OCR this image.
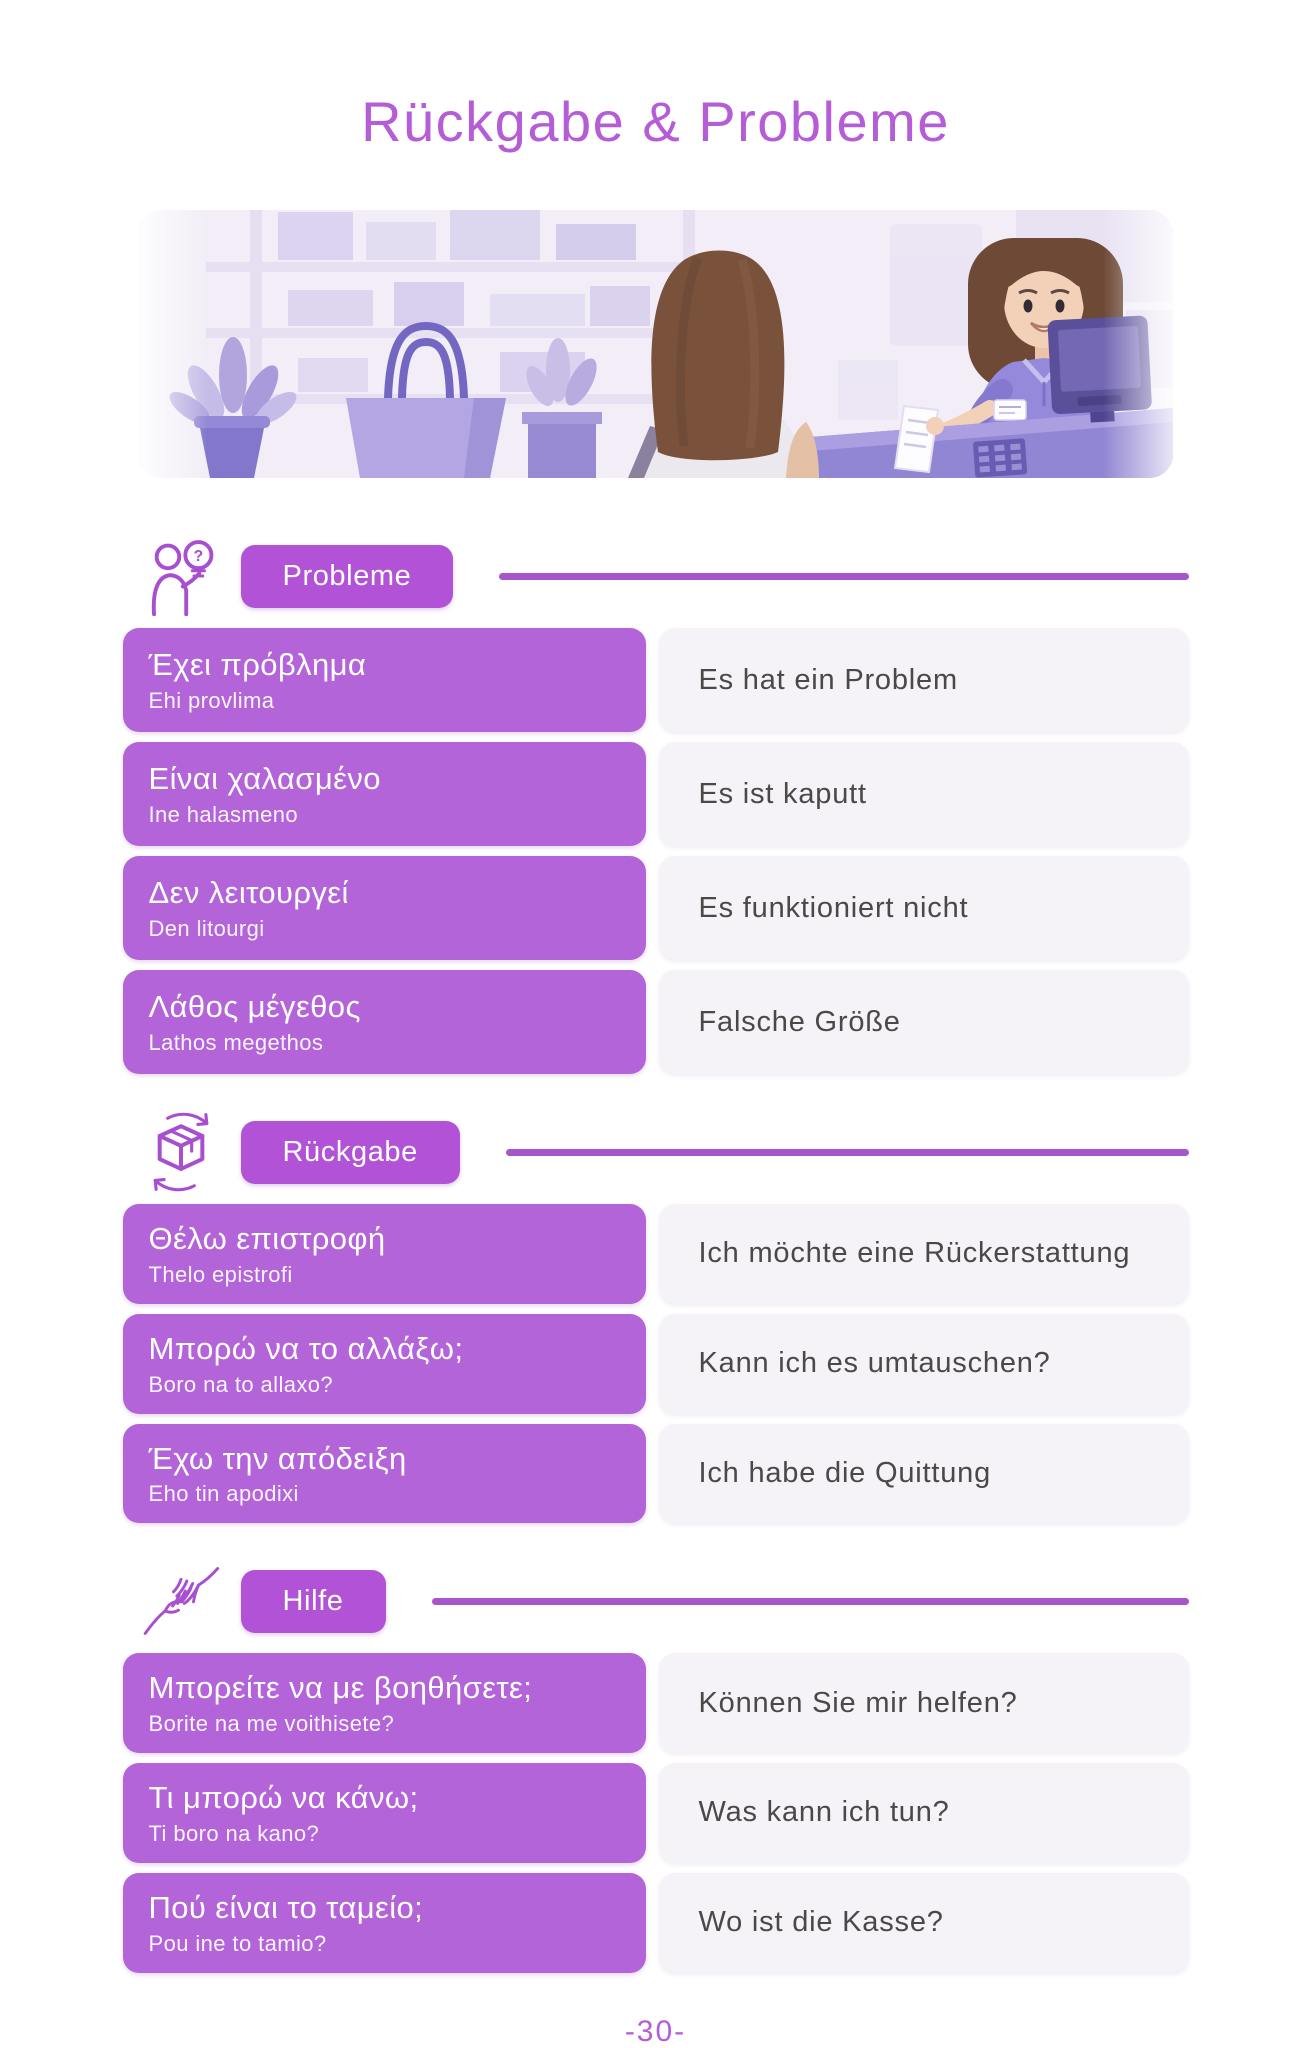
Rückgabe & Probleme
?
Probleme
Έχει πρόβλημα
Ehi provlima
Es hat ein Problem
Είναι χαλασμένο
Ine halasmeno
Es ist kaputt
Δεν λειτουργεί
Den litourgi
Es funktioniert nicht
Λάθος μέγεθος
Lathos megethos
Falsche Größe
Rückgabe
Θέλω επιστροφή
Thelo epistrofi
Ich möchte eine Rückerstattung
Μπορώ να το αλλάξω;
Boro na to allaxo?
Kann ich es umtauschen?
Έχω την απόδειξη
Eho tin apodixi
Ich habe die Quittung
Hilfe
Μπορείτε να με βοηθήσετε;
Borite na me voithisete?
Können Sie mir helfen?
Τι μπορώ να κάνω;
Ti boro na kano?
Was kann ich tun?
Πού είναι το ταμείο;
Pou ine to tamio?
Wo ist die Kasse?
-30-
